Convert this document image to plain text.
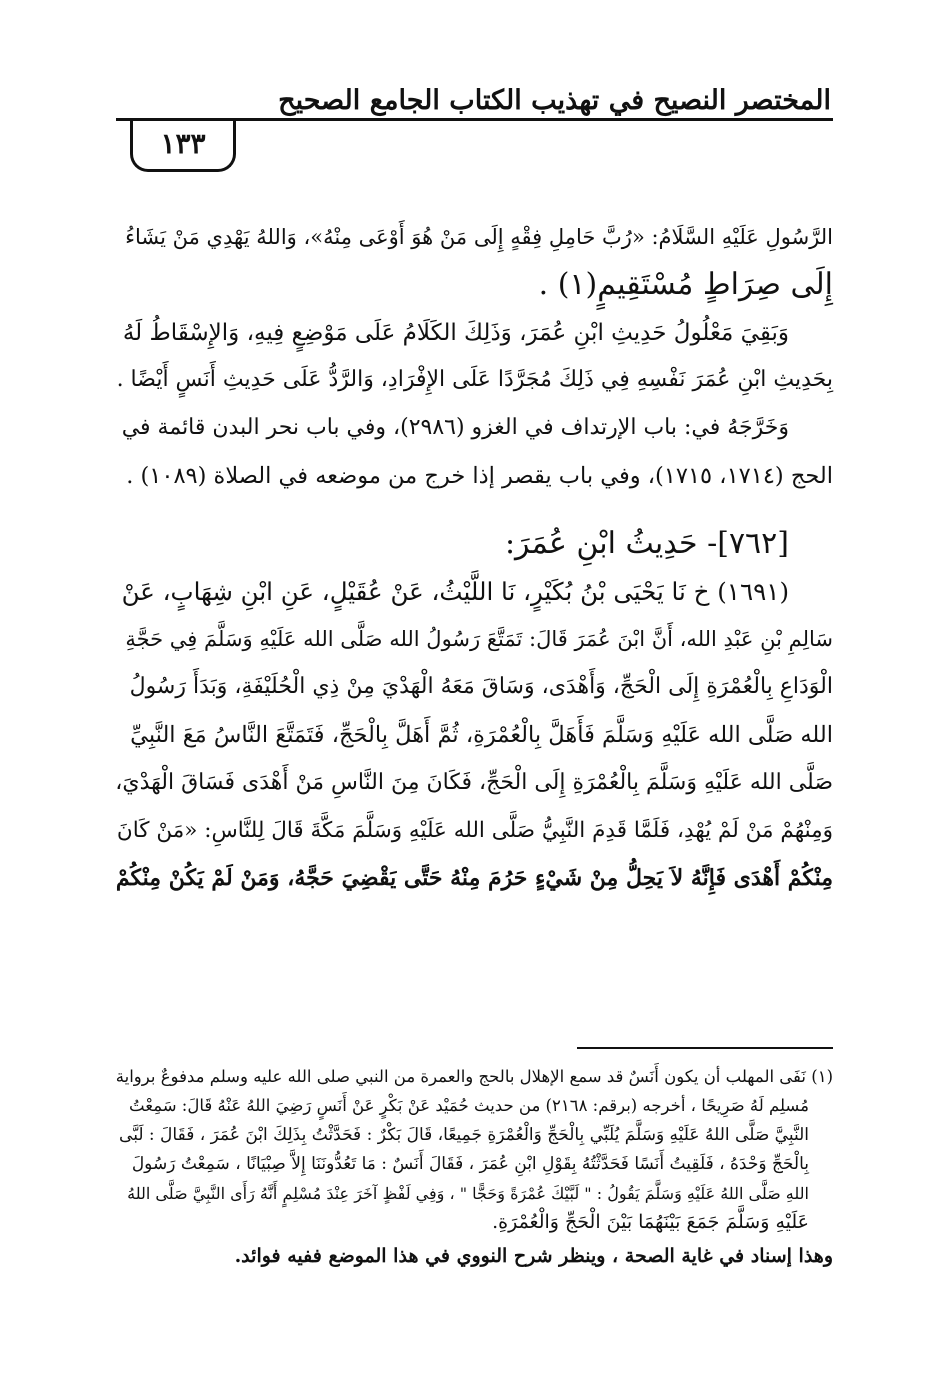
المختصر النصيح في تهذيب الكتاب الجامع الصحيح
١٣٣
الرَّسُولِ عَلَيْهِ السَّلَامُ: «رُبَّ حَامِلِ فِقْهٍ إِلَى مَنْ هُوَ أَوْعَى مِنْهُ»، وَاللهُ يَهْدِي مَنْ يَشَاءُ
إِلَى صِرَاطٍ مُسْتَقِيمٍ(١) .
وَبَقِيَ مَعْلُولُ حَدِيثِ ابْنِ عُمَرَ، وَذَلِكَ الكَلَامُ عَلَى مَوْضِعٍ فِيهِ، وَالإِسْقَاطُ لَهُ
بِحَدِيثِ ابْنِ عُمَرَ نَفْسِهِ فِي ذَلِكَ مُجَرَّدًا عَلَى الإِفْرَادِ، وَالرَّدُّ عَلَى حَدِيثِ أَنَسٍ أَيْضًا .
وَخَرَّجَهُ في: باب الإرتداف في الغزو (٢٩٨٦)، وفي باب نحر البدن قائمة في
الحج (١٧١٤، ١٧١٥)، وفي باب يقصر إذا خرج من موضعه في الصلاة (١٠٨٩) .
[٧٦٢]- حَدِيثُ ابْنِ عُمَرَ:
(١٦٩١) خ نَا يَحْيَى بْنُ بُكَيْرٍ، نَا اللَّيْثُ، عَنْ عُقَيْلٍ، عَنِ ابْنِ شِهَابٍ، عَنْ
سَالِمِ بْنِ عَبْدِ الله، أَنَّ ابْنَ عُمَرَ قَالَ: تَمَتَّعَ رَسُولُ الله صَلَّى الله عَلَيْهِ وَسَلَّمَ فِي حَجَّةِ
الْوَدَاعِ بِالْعُمْرَةِ إِلَى الْحَجِّ، وَأَهْدَى، وَسَاقَ مَعَهُ الْهَدْيَ مِنْ ذِي الْحُلَيْفَةِ، وَبَدَأَ رَسُولُ
الله صَلَّى الله عَلَيْهِ وَسَلَّمَ فَأَهَلَّ بِالْعُمْرَةِ، ثُمَّ أَهَلَّ بِالْحَجِّ، فَتَمَتَّعَ النَّاسُ مَعَ النَّبِيِّ
صَلَّى الله عَلَيْهِ وَسَلَّمَ بِالْعُمْرَةِ إِلَى الْحَجِّ، فَكَانَ مِنَ النَّاسِ مَنْ أَهْدَى فَسَاقَ الْهَدْيَ،
وَمِنْهُمْ مَنْ لَمْ يُهْدِ، فَلَمَّا قَدِمَ النَّبِيُّ صَلَّى الله عَلَيْهِ وَسَلَّمَ مَكَّةَ قَالَ لِلنَّاسِ: «مَنْ كَانَ
مِنْكُمْ أَهْدَى فَإِنَّهُ لاَ يَحِلُّ مِنْ شَيْءٍ حَرُمَ مِنْهُ حَتَّى يَقْضِيَ حَجَّهُ، وَمَنْ لَمْ يَكُنْ مِنْكُمْ
(١) نَفَى المهلب أن يكون أَنَسٌ قد سمع الإهلال بالحج والعمرة من النبي صلى الله عليه وسلم مدفوعٌ برواية
مُسلِم لَهُ صَرِيحًا ، أخرجه (برقم: ٢١٦٨) من حديث حُمَيْد عَنْ بَكْرٍ عَنْ أَنَسٍ رَضِيَ اللهُ عَنْهُ قَالَ: سَمِعْتُ
النَّبِيَّ صَلَّى اللهُ عَلَيْهِ وَسَلَّمَ يُلَبِّي بِالْحَجِّ وَالْعُمْرَةِ جَمِيعًا، قَالَ بَكْرٌ : فَحَدَّثْتُ بِذَلِكَ ابْنَ عُمَرَ ، فَقَالَ : لَبَّى
بِالْحَجِّ وَحْدَهُ ، فَلَقِيتُ أَنَسًا فَحَدَّثْتُهُ بِقَوْلِ ابْنِ عُمَرَ ، فَقَالَ أَنَسٌ : مَا تَعُدُّونَنَا إِلاَّ صِبْيَانًا ، سَمِعْتُ رَسُولَ
اللهِ صَلَّى اللهُ عَلَيْهِ وَسَلَّمَ يَقُولُ : " لَبَّيْكَ عُمْرَةً وَحَجًّا " ، وَفِي لَفْظٍ آخَرَ عِنْدَ مُسْلِمٍ أَنَّهُ رَأَى النَّبِيَّ صَلَّى اللهُ
عَلَيْهِ وَسَلَّمَ جَمَعَ بَيْنَهُمَا بَيْنَ الْحَجِّ وَالْعُمْرَةِ.
وهذا إسناد في غاية الصحة ، وينظر شرح النووي في هذا الموضع ففيه فوائد.
